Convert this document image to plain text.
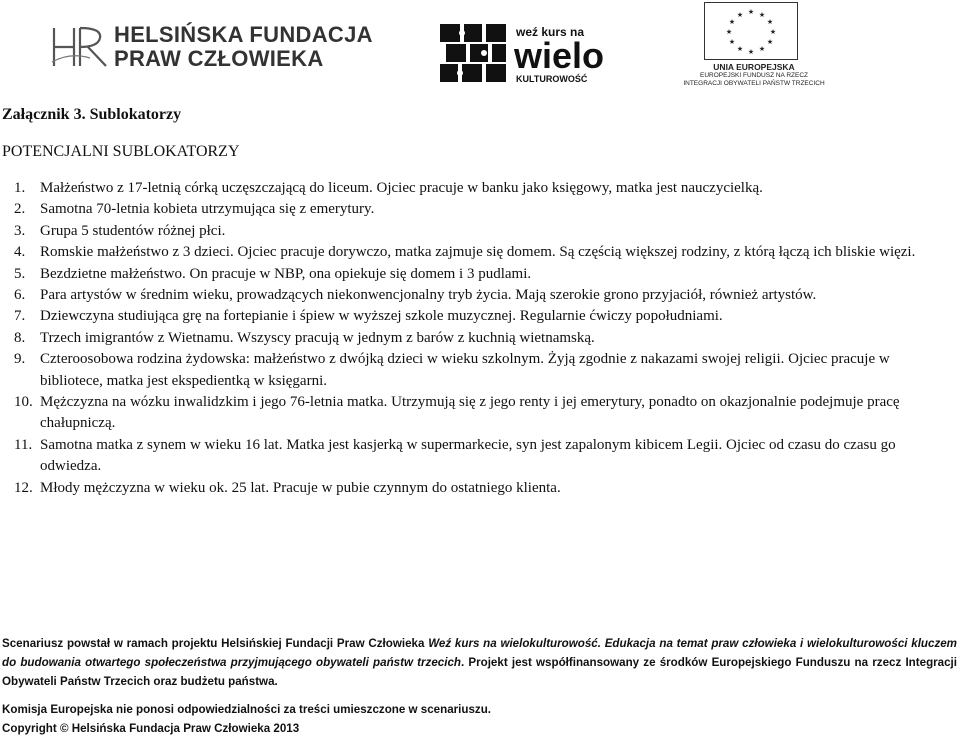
HELSIŃSKA FUNDACJA
PRAW CZŁOWIEKA
weź kurs na
wielo
KULTUROWOŚĆ
★ ★
★
★
★
★
★
★
★
★
★
★
UNIA EUROPEJSKA
EUROPEJSKI FUNDUSZ NA RZECZ
INTEGRACJI OBYWATELI PAŃSTW TRZECICH
Załącznik 3. Sublokatorzy
POTENCJALNI SUBLOKATORZY
1. Małżeństwo z 17-letnią córką uczęszczającą do liceum. Ojciec pracuje w banku jako księgowy, matka jest nauczycielką.
2. Samotna 70-letnia kobieta utrzymująca się z emerytury.
3. Grupa 5 studentów różnej płci.
4. Romskie małżeństwo z 3 dzieci. Ojciec pracuje dorywczo, matka zajmuje się domem. Są częścią większej rodziny, z którą łączą ich bliskie więzi.
5. Bezdzietne małżeństwo. On pracuje w NBP, ona opiekuje się domem i 3 pudlami.
6. Para artystów w średnim wieku, prowadzących niekonwencjonalny tryb życia. Mają szerokie grono przyjaciół, również artystów.
7. Dziewczyna studiująca grę na fortepianie i śpiew w wyższej szkole muzycznej. Regularnie ćwiczy popołudniami.
8. Trzech imigrantów z Wietnamu. Wszyscy pracują w jednym z barów z kuchnią wietnamską.
9. Czteroosobowa rodzina żydowska: małżeństwo z dwójką dzieci w wieku szkolnym. Żyją zgodnie z nakazami swojej religii. Ojciec pracuje w bibliotece, matka jest ekspedientką w księgarni.
10. Mężczyzna na wózku inwalidzkim i jego 76-letnia matka. Utrzymują się z jego renty i jej emerytury, ponadto on okazjonalnie podejmuje pracę chałupniczą.
11. Samotna matka z synem w wieku 16 lat. Matka jest kasjerką w supermarkecie, syn jest zapalonym kibicem Legii. Ojciec od czasu do czasu go odwiedza.
12. Młody mężczyzna w wieku ok. 25 lat. Pracuje w pubie czynnym do ostatniego klienta.

Scenariusz powstał w ramach projektu Helsińskiej Fundacji Praw Człowieka Weź kurs na wielokulturowość. Edukacja na temat praw człowieka i wielokulturowości kluczem do budowania otwartego społeczeństwa przyjmującego obywateli państw trzecich. Projekt jest współfinansowany ze środków Europejskiego Funduszu na rzecz Integracji Obywateli Państw Trzecich oraz budżetu państwa.

Komisja Europejska nie ponosi odpowiedzialności za treści umieszczone w scenariuszu.

Copyright © Helsińska Fundacja Praw Człowieka 2013
